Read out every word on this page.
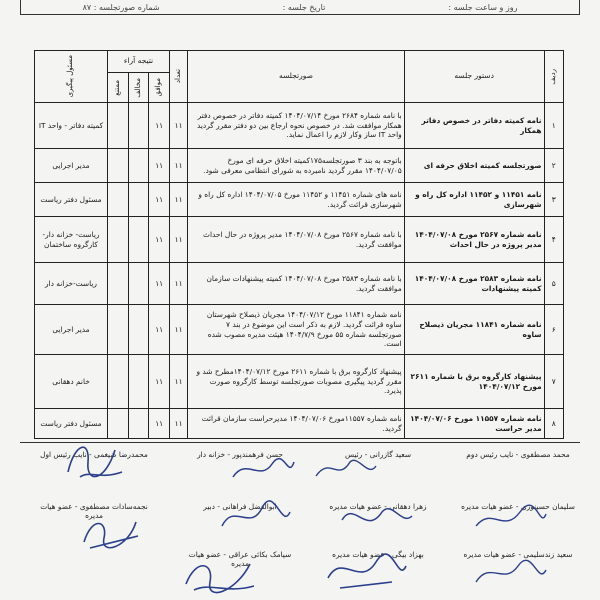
روز و ساعت جلسه :
تاریخ جلسه :
شماره صورتجلسه : ۸۷
ردیف	دستور جلسه	صورتجلسه	تعداد	نتیجه آراء			مسئول پیگیری

				موافق	مخالف	ممتنع	

۱	نامه کمیته دفاتر در خصوص دفاتر همکار	با نامه شماره ۲۶۸۴ مورخ ۱۴۰۴/۰۷/۱۴ کمیته دفاتر در خصوص دفتر همکار موافقت شد. در خصوص نحوه ارجاع بین دو دفتر مقرر گردید واحد IT ساز وکار لازم را اعمال نماید.	۱۱	۱۱			کمیته دفاتر - واحد IT
۲	صورتجلسه کمیته اخلاق حرفه ای	باتوجه به بند ۳ صورتجلسه۱۷۵کمیته اخلاق حرفه ای مورخ ۱۴۰۴/۰۷/۰۵ مقرر گردید نامبرده به شورای انتظامی معرفی شود.	۱۱	۱۱			مدیر اجرایی
۳	نامه ۱۱۴۵۱ و ۱۱۴۵۲ اداره کل راه و شهرسازی	نامه های شماره ۱۱۴۵۱ و ۱۱۴۵۲ مورخ ۱۴۰۴/۰۷/۰۵ اداره کل راه و شهرسازی قرائت گردید.	۱۱	۱۱			مسئول دفتر ریاست
۴	نامه شماره ۲۵۶۷ مورخ ۱۴۰۴/۰۷/۰۸ مدیر پروژه در حال احداث	با نامه شماره ۲۵۶۷ مورخ ۱۴۰۴/۰۷/۰۸ مدیر پروژه در حال احداث موافقت گردید.	۱۱	۱۱			ریاست- خزانه دار-کارگروه ساختمان
۵	نامه شماره ۲۵۸۳ مورخ ۱۴۰۴/۰۷/۰۸ کمیته پیشنهادات	با نامه شماره ۲۵۸۳ مورخ ۱۴۰۴/۰۷/۰۸ کمیته پیشنهادات سازمان موافقت گردید.	۱۱	۱۱			ریاست-خزانه دار
۶	نامه شماره ۱۱۸۴۱ مجریان ذیصلاح ساوه	نامه شماره ۱۱۸۴۱ مورخ ۱۴۰۴/۰۷/۱۲ مجریان ذیصلاح شهرستان ساوه قرائت گردید. لازم به ذکر است این موضوع در بند ۷ صورتجلسه شماره ۵۵ مورخ ۱۴۰۴/۷/۹ هیئت مدیره مصوب شده است.	۱۱	۱۱			مدیر اجرایی
۷	پیشنهاد کارگروه برق با شماره ۲۶۱۱ مورخ ۱۴۰۴/۰۷/۱۲	پیشنهاد کارگروه برق با شماره ۲۶۱۱ مورخ ۱۴۰۴/۰۷/۱۲مطرح شد و مقرر گردید پیگیری مصوبات صورتجلسه توسط کارگروه صورت پذیرد.	۱۱	۱۱			خانم دهقانی
۸	نامه شماره ۱۱۵۵۷ مورخ ۱۴۰۴/۰۷/۰۶ مدیر حراست	نامه شماره ۱۱۵۵۷مورخ ۱۴۰۴/۰۷/۰۶ مدیرحراست سازمان قرائت گردید.	۱۱	۱۱			مسئول دفتر ریاست
محمد مصطفوی - نایب رئیس دوم
سعید گازرانی - رئیس
حسن فرهمندپور - خزانه دار
محمدرضا ضیغمی - نایب رئیس اول
سلیمان حسینوری - عضو هیات مدیره
زهرا دهقانی - عضو هیات مدیره
ابوالفضل فراهانی - دبیر
نجمه‌سادات مصطفوی - عضو هیات
مدیره
سعید زندسلیمی - عضو هیات مدیره
بهزاد بیگی - عضو هیات مدیره
سیامک بکائی عراقی - عضو هیات
مدیره
